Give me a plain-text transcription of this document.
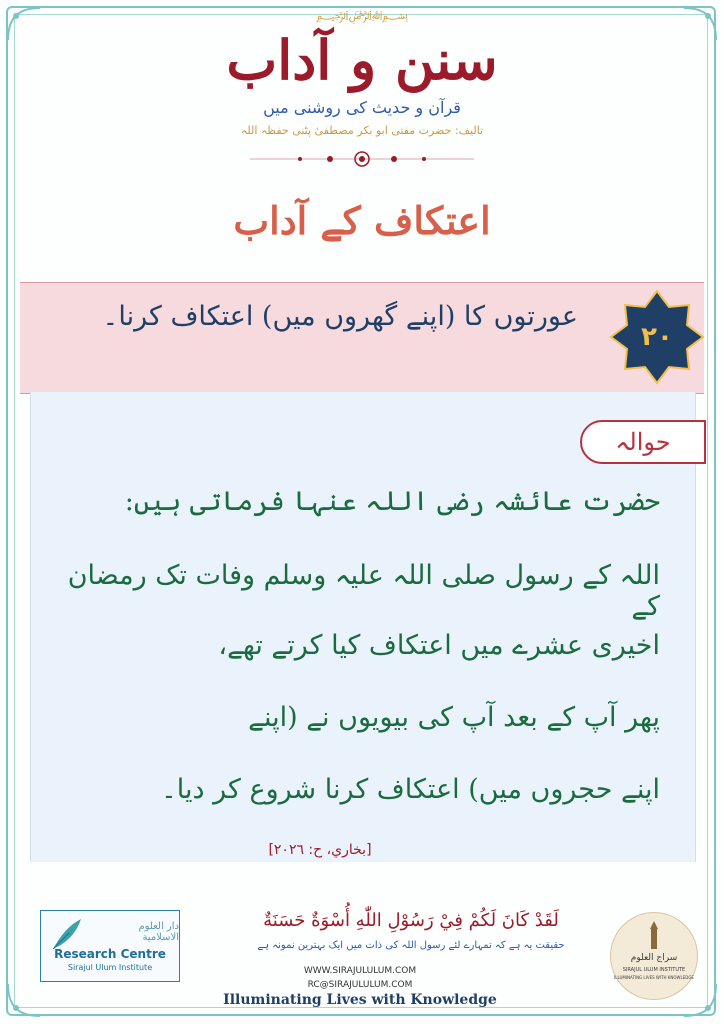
﷽
سنن و آداب
قرآن و حدیث کی روشنی میں
تالیف: حضرت مفتی ابو بکر مصطفیٰ پٹنی حفظہ اللہ
اعتکاف کے آداب
عورتوں کا (اپنے گھروں میں) اعتکاف کرنا۔
۲۰
حوالہ
حضرت عائشہ رضی اللہ عنہا فرماتی ہیں:
اللہ کے رسول صلی اللہ علیہ وسلم وفات تک رمضان کے
اخیری عشرے میں اعتکاف کیا کرتے تھے،
پھر آپ کے بعد آپ کی بیویوں نے (اپنے
اپنے حجروں میں) اعتکاف کرنا شروع کر دیا۔
[بخاري، ح: ٢٠٢٦]
دار العلوم الاسلامية
Research Centre
Sirajul Ulum Institute
لَقَدْ كَانَ لَكُمْ فِيْ رَسُوْلِ اللّٰهِ أُسْوَةٌ حَسَنَةٌ
حقیقت یہ ہے کہ تمہارے لئے رسول اللہ کی ذات میں ایک بہترین نمونہ ہے
WWW.SIRAJULULUM.COM
RC@SIRAJULULUM.COM
Illuminating Lives with Knowledge
سراج العلوم
SIRAJUL ULUM INSTITUTE
ILLUMINATING LIVES WITH KNOWLEDGE
